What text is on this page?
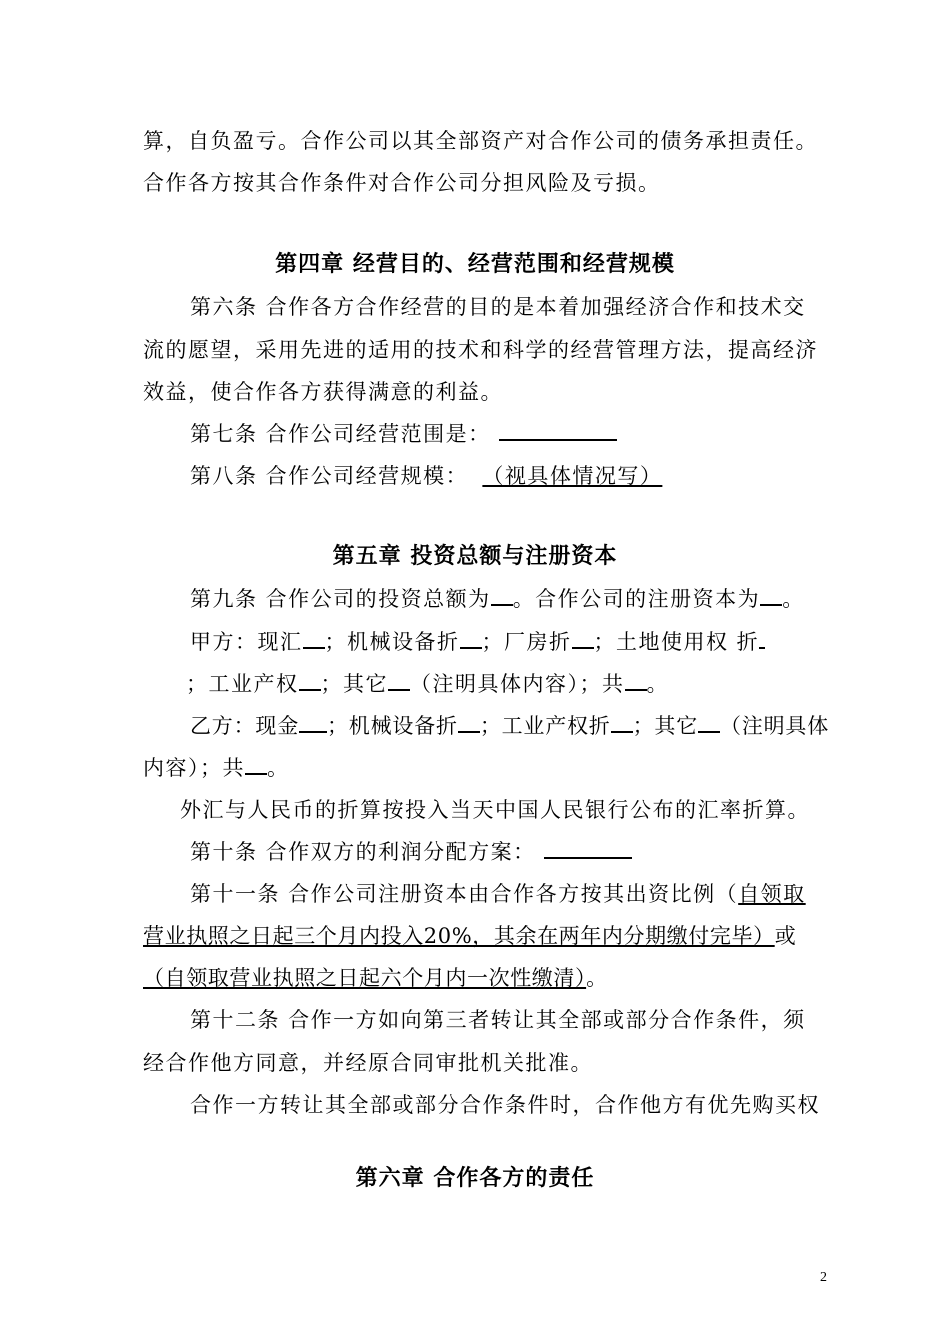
算，自负盈亏。合作公司以其全部资产对合作公司的债务承担责任。
合作各方按其合作条件对合作公司分担风险及亏损。
第四章 经营目的、经营范围和经营规模
第六条 合作各方合作经营的目的是本着加强经济合作和技术交
流的愿望，采用先进的适用的技术和科学的经营管理方法，提高经济
效益，使合作各方获得满意的利益。
第七条 合作公司经营范围是：
第八条 合作公司经营规模： （视具体情况写）
第五章 投资总额与注册资本
第九条 合作公司的投资总额为 。合作公司的注册资本为 。
甲方：现汇 ；机械设备折 ；厂房折 ；土地使用权 折
；工业产权 ；其它 （注明具体内容）；共 。
乙方：现金 ；机械设备折 ；工业产权折 ；其它 （注明具体
内容）；共 。
外汇与人民币的折算按投入当天中国人民银行公布的汇率折算。
第十条 合作双方的利润分配方案：
第十一条 合作公司注册资本由合作各方按其出资比例（自领取
营业执照之日起三个月内投入20%，其余在两年内分期缴付完毕）或
（自领取营业执照之日起六个月内一次性缴清）。
第十二条 合作一方如向第三者转让其全部或部分合作条件，须
经合作他方同意，并经原合同审批机关批准。
合作一方转让其全部或部分合作条件时，合作他方有优先购买权
第六章 合作各方的责任
2
